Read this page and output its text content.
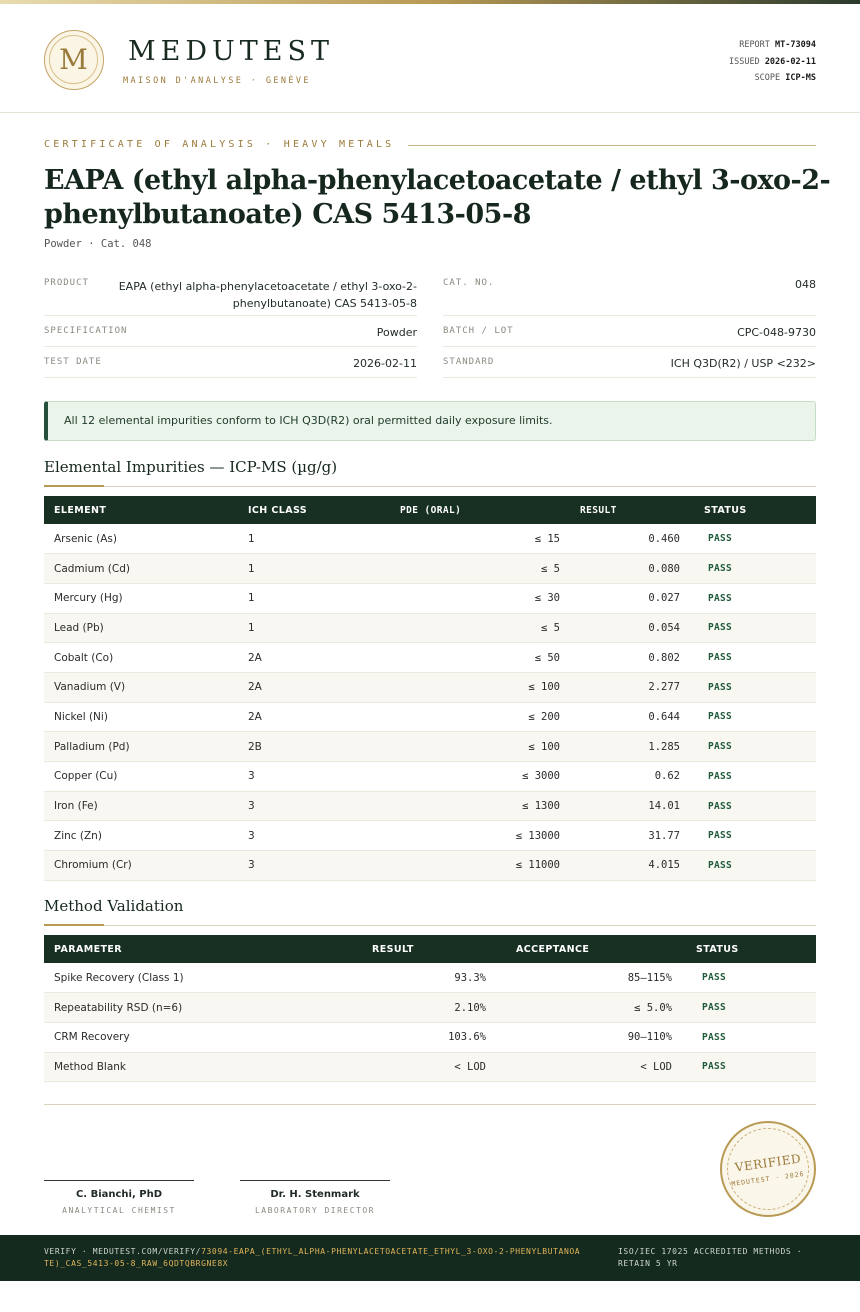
M	MEDUTEST
MAISON D'ANALYSE · GENÈVE
REPORT MT-73094
ISSUED 2026-02-11
SCOPE ICP-MS
CERTIFICATE OF ANALYSIS · HEAVY METALS
EAPA (ethyl alpha-phenylacetoacetate / ethyl 3-oxo-2-phenylbutanoate) CAS 5413-05-8
Powder · Cat. 048
PRODUCT	EAPA (ethyl alpha-phenylacetoacetate / ethyl 3-oxo-2-phenylbutanoate) CAS 5413-05-8
CAT. NO.	048
SPECIFICATION	Powder	BATCH / LOT	CPC-048-9730
TEST DATE	2026-02-11	STANDARD	ICH Q3D(R2) / USP <232>
All 12 elemental impurities conform to ICH Q3D(R2) oral permitted daily exposure limits.
Elemental Impurities — ICP-MS (µg/g)
ELEMENT	ICH CLASS	PDE (ORAL)	RESULT	STATUS
Arsenic (As)	1	≤ 15	0.460	PASS
Cadmium (Cd)	1	≤ 5	0.080	PASS
Mercury (Hg)	1	≤ 30	0.027	PASS
Lead (Pb)	1	≤ 5	0.054	PASS
Cobalt (Co)	2A	≤ 50	0.802	PASS
Vanadium (V)	2A	≤ 100	2.277	PASS
Nickel (Ni)	2A	≤ 200	0.644	PASS
Palladium (Pd)	2B	≤ 100	1.285	PASS
Copper (Cu)	3	≤ 3000	0.62	PASS
Iron (Fe)	3	≤ 1300	14.01	PASS
Zinc (Zn)	3	≤ 13000	31.77	PASS
Chromium (Cr)	3	≤ 11000	4.015	PASS
Method Validation
PARAMETER	RESULT	ACCEPTANCE	STATUS
Spike Recovery (Class 1)	93.3%	85–115%	PASS
Repeatability RSD (n=6)	2.10%	≤ 5.0%	PASS
CRM Recovery	103.6%	90–110%	PASS
Method Blank	< LOD	< LOD	PASS
C. Bianchi, PhD
ANALYTICAL CHEMIST
Dr. H. Stenmark
LABORATORY DIRECTOR
VERIFIED
MEDUTEST · 2026
VERIFY · MEDUTEST.COM/VERIFY/73094-EAPA_(ETHYL_ALPHA-PHENYLACETOACETATE_ETHYL_3-OXO-2-PHENYLBUTANOATE)_CAS_5413-05-8_RAW_6QDTQBRGNE8X
ISO/IEC 17025 ACCREDITED METHODS · RETAIN 5 YR
